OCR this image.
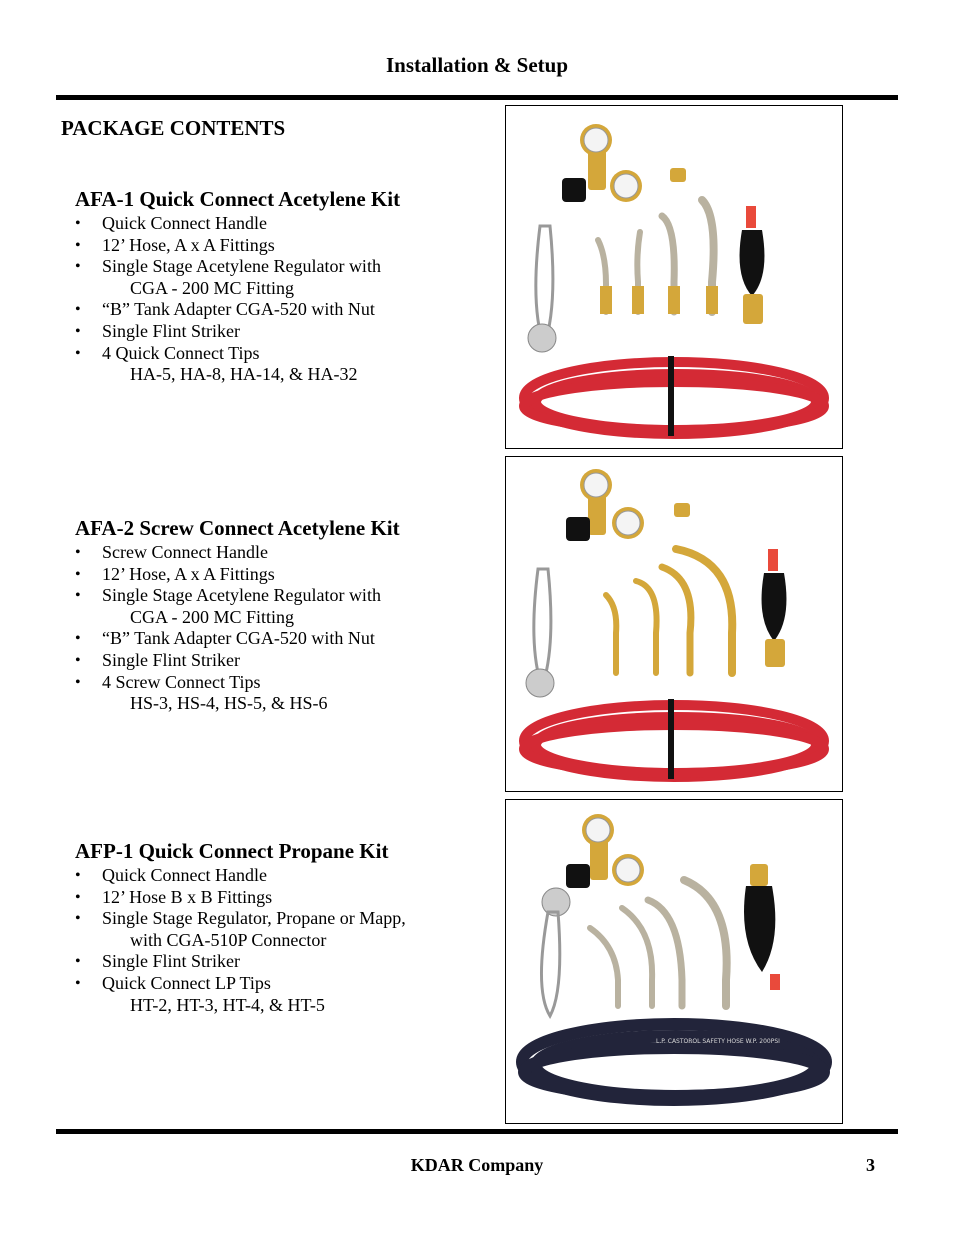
Installation & Setup
PACKAGE CONTENTS
AFA-1 Quick Connect Acetylene Kit
• Quick Connect Handle
• 12’ Hose, A x A Fittings
• Single Stage Acetylene Regulator with
CGA - 200 MC Fitting
• “B” Tank Adapter CGA-520 with Nut
• Single Flint Striker
• 4 Quick Connect Tips
HA-5, HA-8, HA-14, & HA-32
AFA-2 Screw Connect Acetylene Kit
• Screw Connect Handle
• 12’ Hose, A x A Fittings
• Single Stage Acetylene Regulator with
CGA - 200 MC Fitting
• “B” Tank Adapter CGA-520 with Nut
• Single Flint Striker
• 4 Screw Connect Tips
HS-3, HS-4, HS-5, & HS-6
AFP-1 Quick Connect Propane Kit
• Quick Connect Handle
• 12’ Hose B x B Fittings
• Single Stage Regulator, Propane or Mapp,
with CGA-510P Connector
• Single Flint Striker
• Quick Connect LP Tips
HT-2, HT-3, HT-4, & HT-5
L.P. CASTOROL SAFETY HOSE W.P. 200PSI
KDAR Company	3
